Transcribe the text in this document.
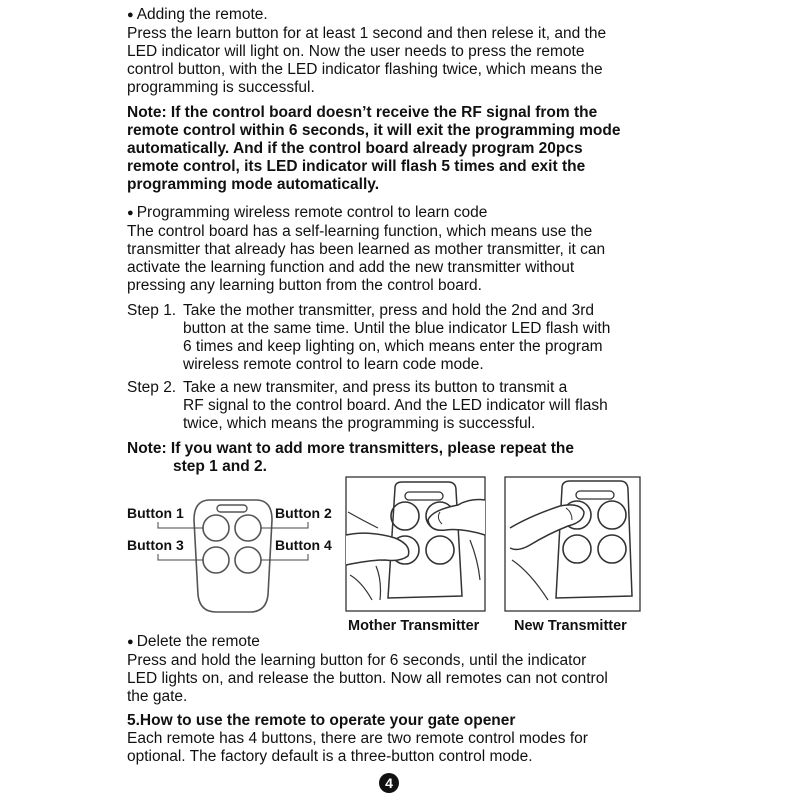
● Adding the remote.
Press the learn button for at least 1 second and then relese it, and the
LED indicator will light on. Now the user needs to press the remote
control button, with the LED indicator flashing twice, which means the
programming is successful.
Note: If the control board doesn’t receive the RF signal from the
remote control within 6 seconds, it will exit the programming mode
automatically. And if the control board already program 20pcs
remote control, its LED indicator will flash 5 times and exit the
programming mode automatically.
● Programming wireless remote control to learn code
The control board has a self-learning function, which means use the
transmitter that already has been learned as mother transmitter, it can
activate the learning function and add the new transmitter without
pressing any learning button from the control board.
Step 1. Take the mother transmitter, press and hold the 2nd and 3rd
button at the same time. Until the blue indicator LED flash with
6 times and keep lighting on, which means enter the program
wireless remote control to learn code mode.
Step 2. Take a new transmiter, and press its button to transmit a
RF signal to the control board. And the LED indicator will flash
twice, which means the programming is successful.
Note: If you want to add more transmitters, please repeat the
step 1 and 2.
Button 1	Button 2
Button 3	Button 4
Mother Transmitter New Transmitter
● Delete the remote
Press and hold the learning button for 6 seconds, until the indicator
LED lights on, and release the button. Now all remotes can not control
the gate.
5.How to use the remote to operate your gate opener
Each remote has 4 buttons, there are two remote control modes for
optional. The factory default is a three-button control mode.
4
